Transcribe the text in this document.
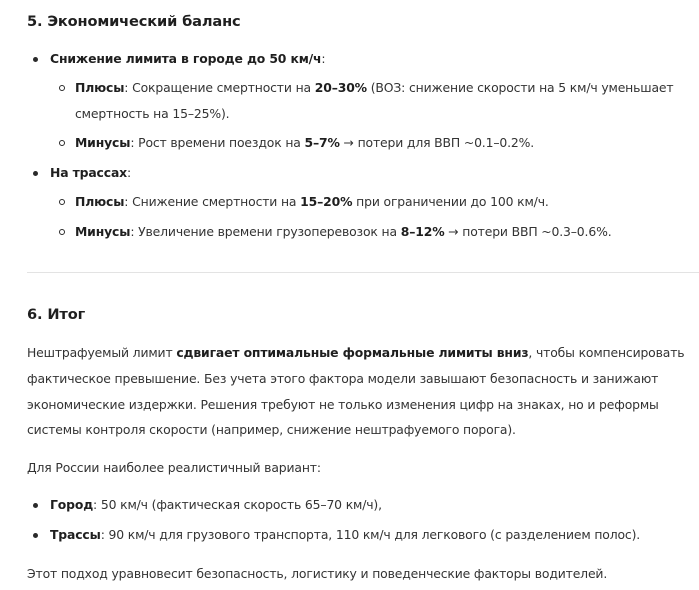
5. Экономический баланс
Снижение лимита в городе до 50 км/ч:
Плюсы: Сокращение смертности на 20–30% (ВОЗ: снижение скорости на 5 км/ч уменьшает
смертность на 15–25%).
Минусы: Рост времени поездок на 5–7% → потери для ВВП ~0.1–0.2%.
На трассах:
Плюсы: Снижение смертности на 15–20% при ограничении до 100 км/ч.
Минусы: Увеличение времени грузоперевозок на 8–12% → потери ВВП ~0.3–0.6%.
6. Итог
Нештрафуемый лимит сдвигает оптимальные формальные лимиты вниз, чтобы компенсировать
фактическое превышение. Без учета этого фактора модели завышают безопасность и занижают
экономические издержки. Решения требуют не только изменения цифр на знаках, но и реформы
системы контроля скорости (например, снижение нештрафуемого порога).
Для России наиболее реалистичный вариант:
Город: 50 км/ч (фактическая скорость 65–70 км/ч),
Трассы: 90 км/ч для грузового транспорта, 110 км/ч для легкового (с разделением полос).
Этот подход уравновесит безопасность, логистику и поведенческие факторы водителей.
